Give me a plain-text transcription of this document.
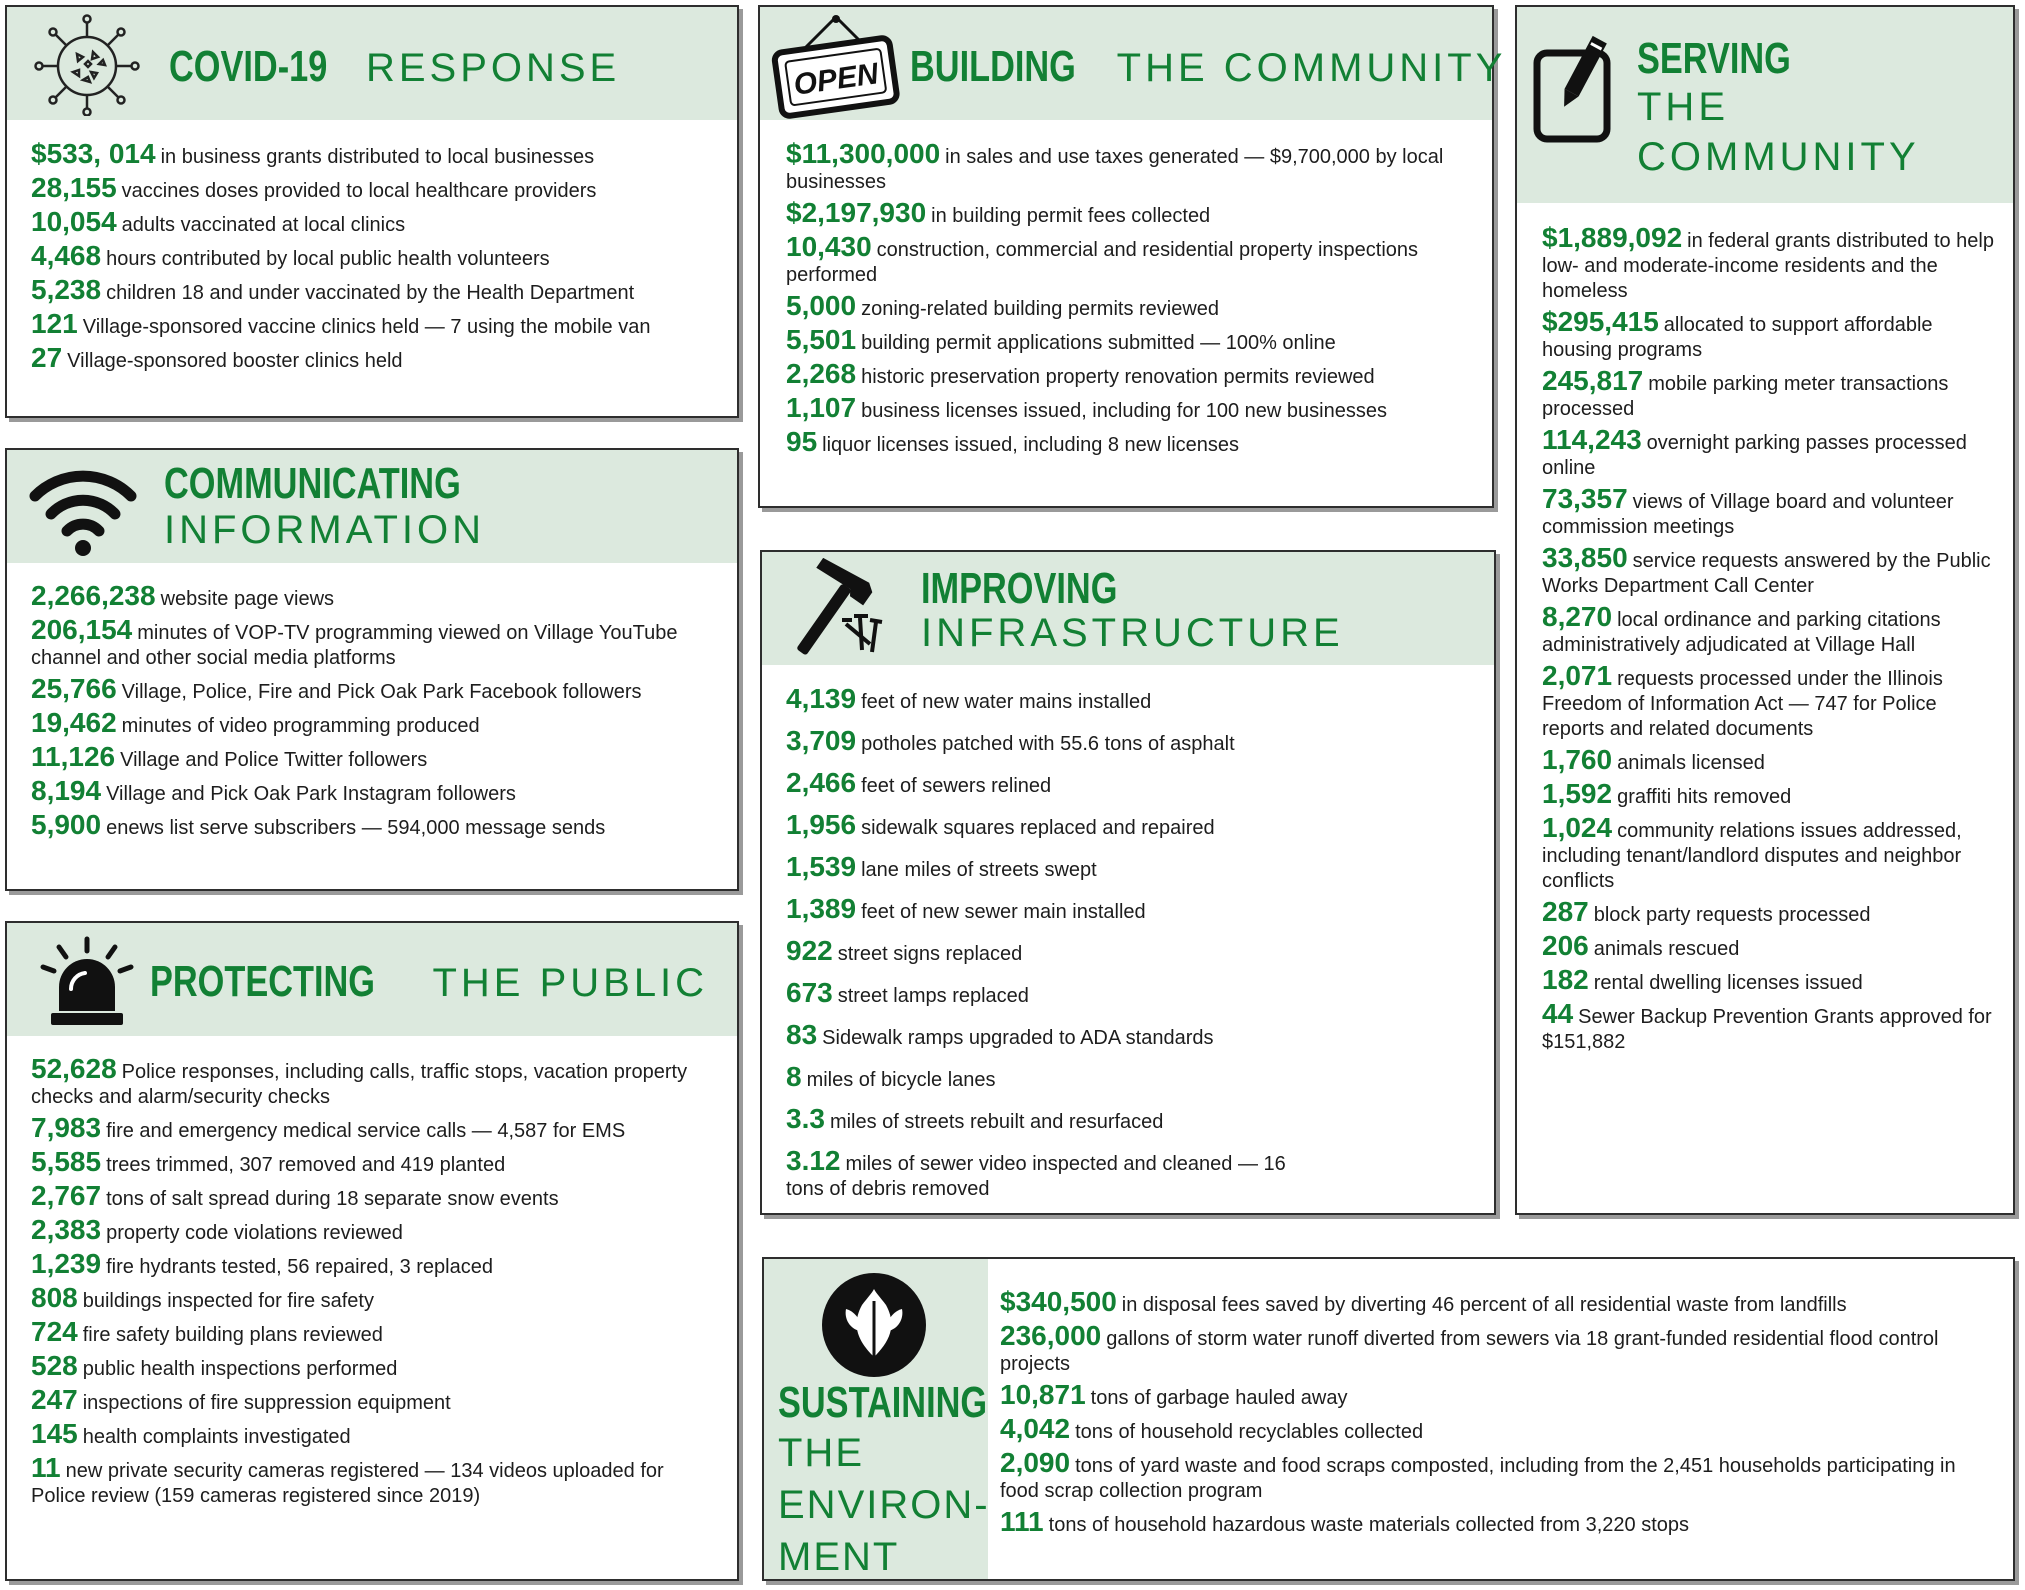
COVID-19 RESPONSE
$533, 014 in business grants distributed to local businesses
28,155 vaccines doses provided to local healthcare providers
10,054 adults vaccinated at local clinics
4,468 hours contributed by local public health volunteers
5,238 children 18 and under vaccinated by the Health Department
121 Village-sponsored vaccine clinics held — 7 using the mobile van
27 Village-sponsored booster clinics held
COMMUNICATING
INFORMATION
2,266,238 website page views
206,154 minutes of VOP-TV programming viewed on Village YouTube channel and other social media platforms
25,766 Village, Police, Fire and Pick Oak Park Facebook followers
19,462 minutes of video programming produced
11,126 Village and Police Twitter followers
8,194 Village and Pick Oak Park Instagram followers
5,900 enews list serve subscribers — 594,000 message sends
PROTECTING THE PUBLIC
52,628 Police responses, including calls, traffic stops, vacation property checks and alarm/security checks
7,983 fire and emergency medical service calls — 4,587 for EMS
5,585 trees trimmed, 307 removed and 419 planted
2,767 tons of salt spread during 18 separate snow events
2,383 property code violations reviewed
1,239 fire hydrants tested, 56 repaired, 3 replaced
808 buildings inspected for fire safety
724 fire safety building plans reviewed
528 public health inspections performed
247 inspections of fire suppression equipment
145 health complaints investigated
11 new private security cameras registered — 134 videos uploaded for Police review (159 cameras registered since 2019)
OPEN BUILDING THE COMMUNITY
$11,300,000 in sales and use taxes generated — $9,700,000 by local businesses
$2,197,930 in building permit fees collected
10,430 construction, commercial and residential property inspections performed
5,000 zoning-related building permits reviewed
5,501 building permit applications submitted — 100% online
2,268 historic preservation property renovation permits reviewed
1,107 business licenses issued, including for 100 new businesses
95 liquor licenses issued, including 8 new licenses
IMPROVING
INFRASTRUCTURE
4,139 feet of new water mains installed
3,709 potholes patched with 55.6 tons of asphalt
2,466 feet of sewers relined
1,956 sidewalk squares replaced and repaired
1,539 lane miles of streets swept
1,389 feet of new sewer main installed
922 street signs replaced
673 street lamps replaced
83 Sidewalk ramps upgraded to ADA standards
8 miles of bicycle lanes
3.3 miles of streets rebuilt and resurfaced
3.12 miles of sewer video inspected and cleaned — 16 tons of debris removed
SERVING
THE
COMMUNITY
$1,889,092 in federal grants distributed to help low- and moderate-income residents and the homeless
$295,415 allocated to support affordable housing programs
245,817 mobile parking meter transactions processed
114,243 overnight parking passes processed online
73,357 views of Village board and volunteer commission meetings
33,850 service requests answered by the Public Works Department Call Center
8,270 local ordinance and parking citations administratively adjudicated at Village Hall
2,071 requests processed under the Illinois Freedom of Information Act — 747 for Police reports and related documents
1,760 animals licensed
1,592 graffiti hits removed
1,024 community relations issues addressed, including tenant/landlord disputes and neighbor conflicts
287 block party requests processed
206 animals rescued
182 rental dwelling licenses issued
44 Sewer Backup Prevention Grants approved for $151,882
SUSTAINING
THE
ENVIRON-
MENT
$340,500 in disposal fees saved by diverting 46 percent of all residential waste from landfills
236,000 gallons of storm water runoff diverted from sewers via 18 grant-funded residential flood control projects
10,871 tons of garbage hauled away
4,042 tons of household recyclables collected
2,090 tons of yard waste and food scraps composted, including from the 2,451 households participating in food scrap collection program
111 tons of household hazardous waste materials collected from 3,220 stops
